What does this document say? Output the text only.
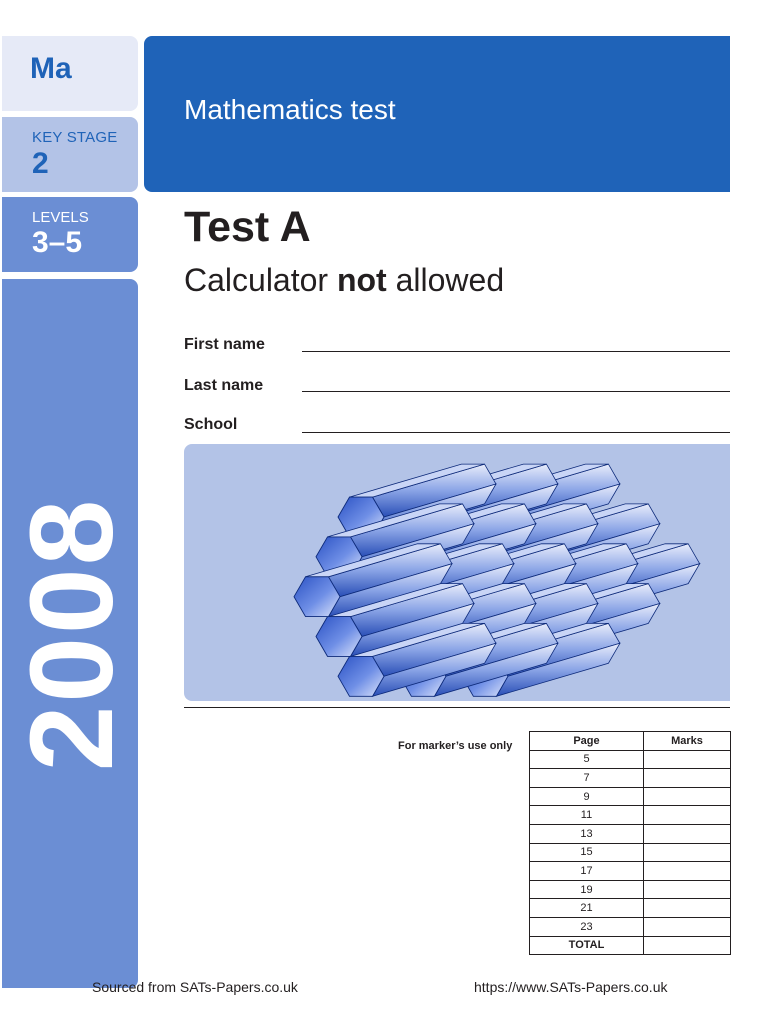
Ma
KEY STAGE
2
LEVELS
3–5
2008
Mathematics test
Test A
Calculator not allowed
First name
Last name
School
For marker’s use only	Page	Marks
5	
7	
9	
11	
13	
15	
17	
19	
21	
23	
TOTAL	
Sourced from SATs-Papers.co.uk	https://www.SATs-Papers.co.uk
